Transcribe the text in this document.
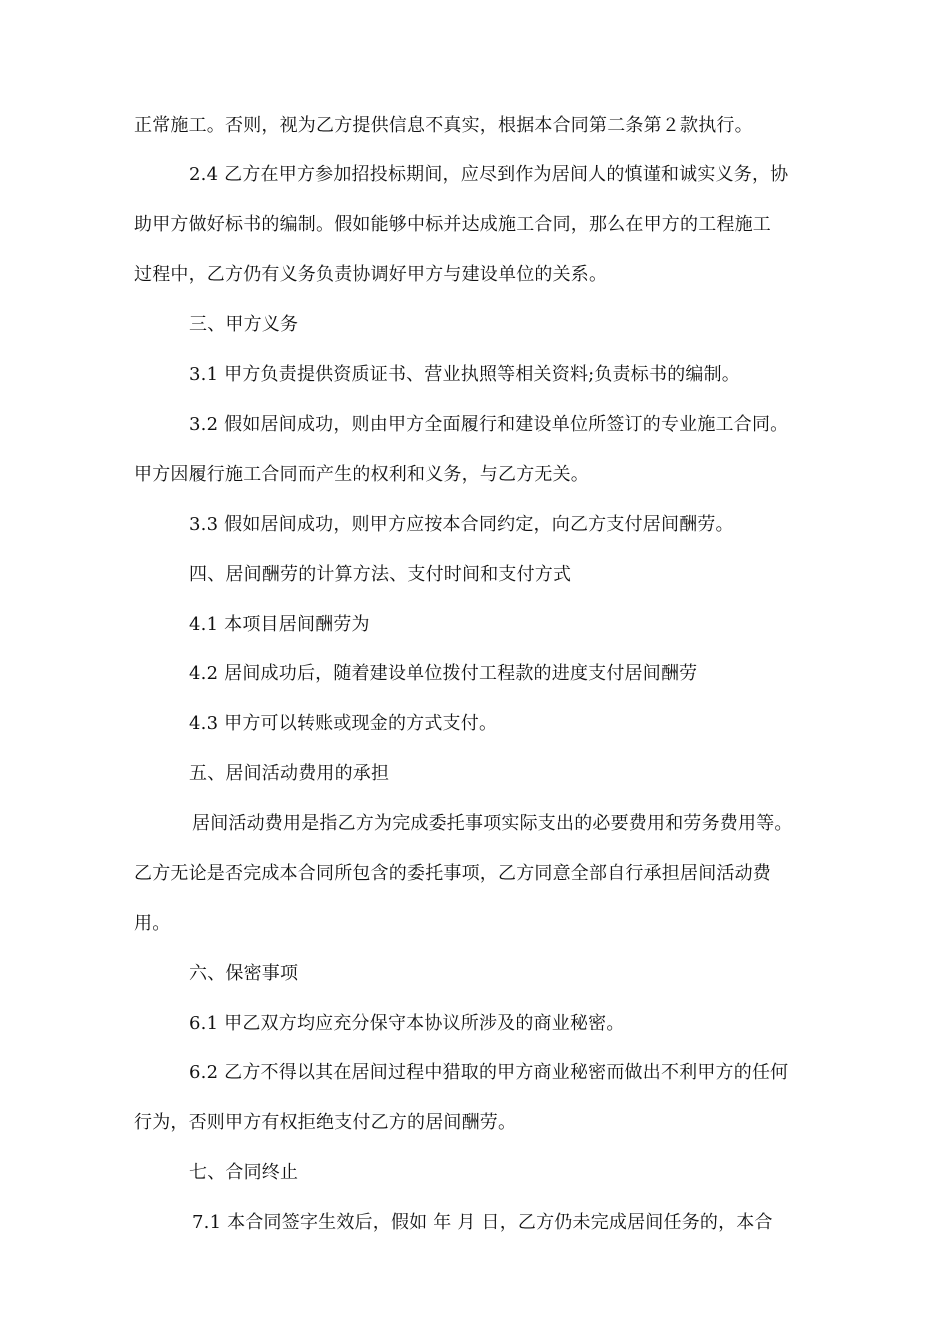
正常施工。否则，视为乙方提供信息不真实，根据本合同第二条第２款执行。
2.4 乙方在甲方参加招投标期间，应尽到作为居间人的慎谨和诚实义务，协
助甲方做好标书的编制。假如能够中标并达成施工合同，那么在甲方的工程施工
过程中，乙方仍有义务负责协调好甲方与建设单位的关系。
三、甲方义务
3.1 甲方负责提供资质证书、营业执照等相关资料;负责标书的编制。
3.2 假如居间成功，则由甲方全面履行和建设单位所签订的专业施工合同。
甲方因履行施工合同而产生的权利和义务，与乙方无关。
3.3 假如居间成功，则甲方应按本合同约定，向乙方支付居间酬劳。
四、居间酬劳的计算方法、支付时间和支付方式
4.1 本项目居间酬劳为
4.2 居间成功后，随着建设单位拨付工程款的进度支付居间酬劳
4.3 甲方可以转账或现金的方式支付。
五、居间活动费用的承担
居间活动费用是指乙方为完成委托事项实际支出的必要费用和劳务费用等。
乙方无论是否完成本合同所包含的委托事项，乙方同意全部自行承担居间活动费
用。
六、保密事项
6.1 甲乙双方均应充分保守本协议所涉及的商业秘密。
6.2 乙方不得以其在居间过程中猎取的甲方商业秘密而做出不利甲方的任何
行为，否则甲方有权拒绝支付乙方的居间酬劳。
七、合同终止
7.1 本合同签字生效后，假如 年 月 日，乙方仍未完成居间任务的，本合
